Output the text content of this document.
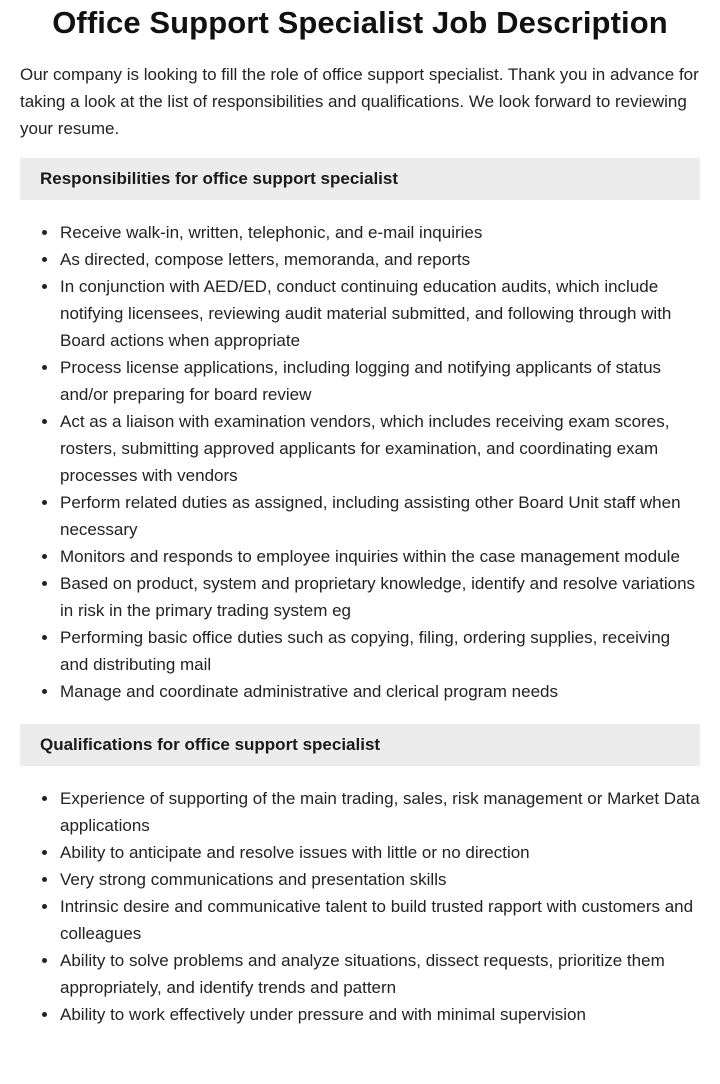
Office Support Specialist Job Description

Our company is looking to fill the role of office support specialist. Thank you in advance for taking a look at the list of responsibilities and qualifications. We look forward to reviewing your resume.

Responsibilities for office support specialist
Receive walk-in, written, telephonic, and e-mail inquiries
As directed, compose letters, memoranda, and reports
In conjunction with AED/ED, conduct continuing education audits, which include notifying licensees, reviewing audit material submitted, and following through with Board actions when appropriate
Process license applications, including logging and notifying applicants of status and/or preparing for board review
Act as a liaison with examination vendors, which includes receiving exam scores, rosters, submitting approved applicants for examination, and coordinating exam processes with vendors
Perform related duties as assigned, including assisting other Board Unit staff when necessary
Monitors and responds to employee inquiries within the case management module
Based on product, system and proprietary knowledge, identify and resolve variations in risk in the primary trading system eg
Performing basic office duties such as copying, filing, ordering supplies, receiving and distributing mail
Manage and coordinate administrative and clerical program needs
Qualifications for office support specialist
Experience of supporting of the main trading, sales, risk management or Market Data applications
Ability to anticipate and resolve issues with little or no direction
Very strong communications and presentation skills
Intrinsic desire and communicative talent to build trusted rapport with customers and colleagues
Ability to solve problems and analyze situations, dissect requests, prioritize them appropriately, and identify trends and pattern
Ability to work effectively under pressure and with minimal supervision
